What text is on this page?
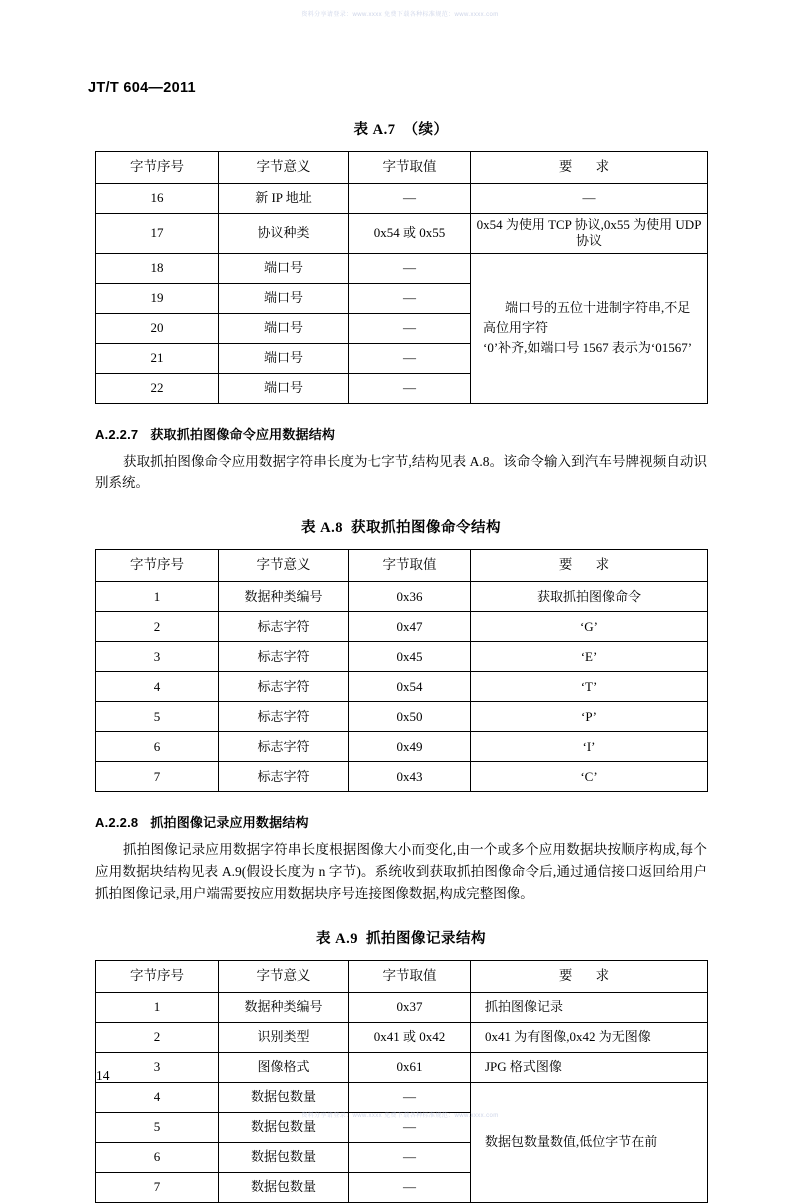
资料分享请登录：www.xxxx 免费下载各种标准规范：www.xxxx.com
JT/T 604—2011
表 A.7 （续）
字节序号	字节意义	字节取值	要 求
16	新 IP 地址	—	—
17	协议种类	0x54 或 0x55	0x54 为使用 TCP 协议,0x55 为使用 UDP 协议
18	端口号	—	端口号的五位十进制字符串,不足高位用字符
‘0’补齐,如端口号 1567 表示为‘01567’
19	端口号	—	
20	端口号	—	
21	端口号	—	
22	端口号	—	
A.2.2.7 获取抓拍图像命令应用数据结构

获取抓拍图像命令应用数据字符串长度为七字节,结构见表 A.8。该命令输入到汽车号牌视频自动识别系统。

表 A.8 获取抓拍图像命令结构
字节序号	字节意义	字节取值	要 求
1	数据种类编号	0x36	获取抓拍图像命令
2	标志字符	0x47	‘G’
3	标志字符	0x45	‘E’
4	标志字符	0x54	‘T’
5	标志字符	0x50	‘P’
6	标志字符	0x49	‘I’
7	标志字符	0x43	‘C’
A.2.2.8 抓拍图像记录应用数据结构

抓拍图像记录应用数据字符串长度根据图像大小而变化,由一个或多个应用数据块按顺序构成,每个应用数据块结构见表 A.9(假设长度为 n 字节)。系统收到获取抓拍图像命令后,通过通信接口返回给用户抓拍图像记录,用户端需要按应用数据块序号连接图像数据,构成完整图像。

表 A.9 抓拍图像记录结构
字节序号	字节意义	字节取值	要 求
1	数据种类编号	0x37	抓拍图像记录
2	识别类型	0x41 或 0x42	0x41 为有图像,0x42 为无图像
3	图像格式	0x61	JPG 格式图像
4	数据包数量	—	数据包数量数值,低位字节在前
5	数据包数量	—	
6	数据包数量	—	
7	数据包数量	—	
14
资料分享请登录：www.xxxx 免费下载各种标准规范：www.xxxx.com
